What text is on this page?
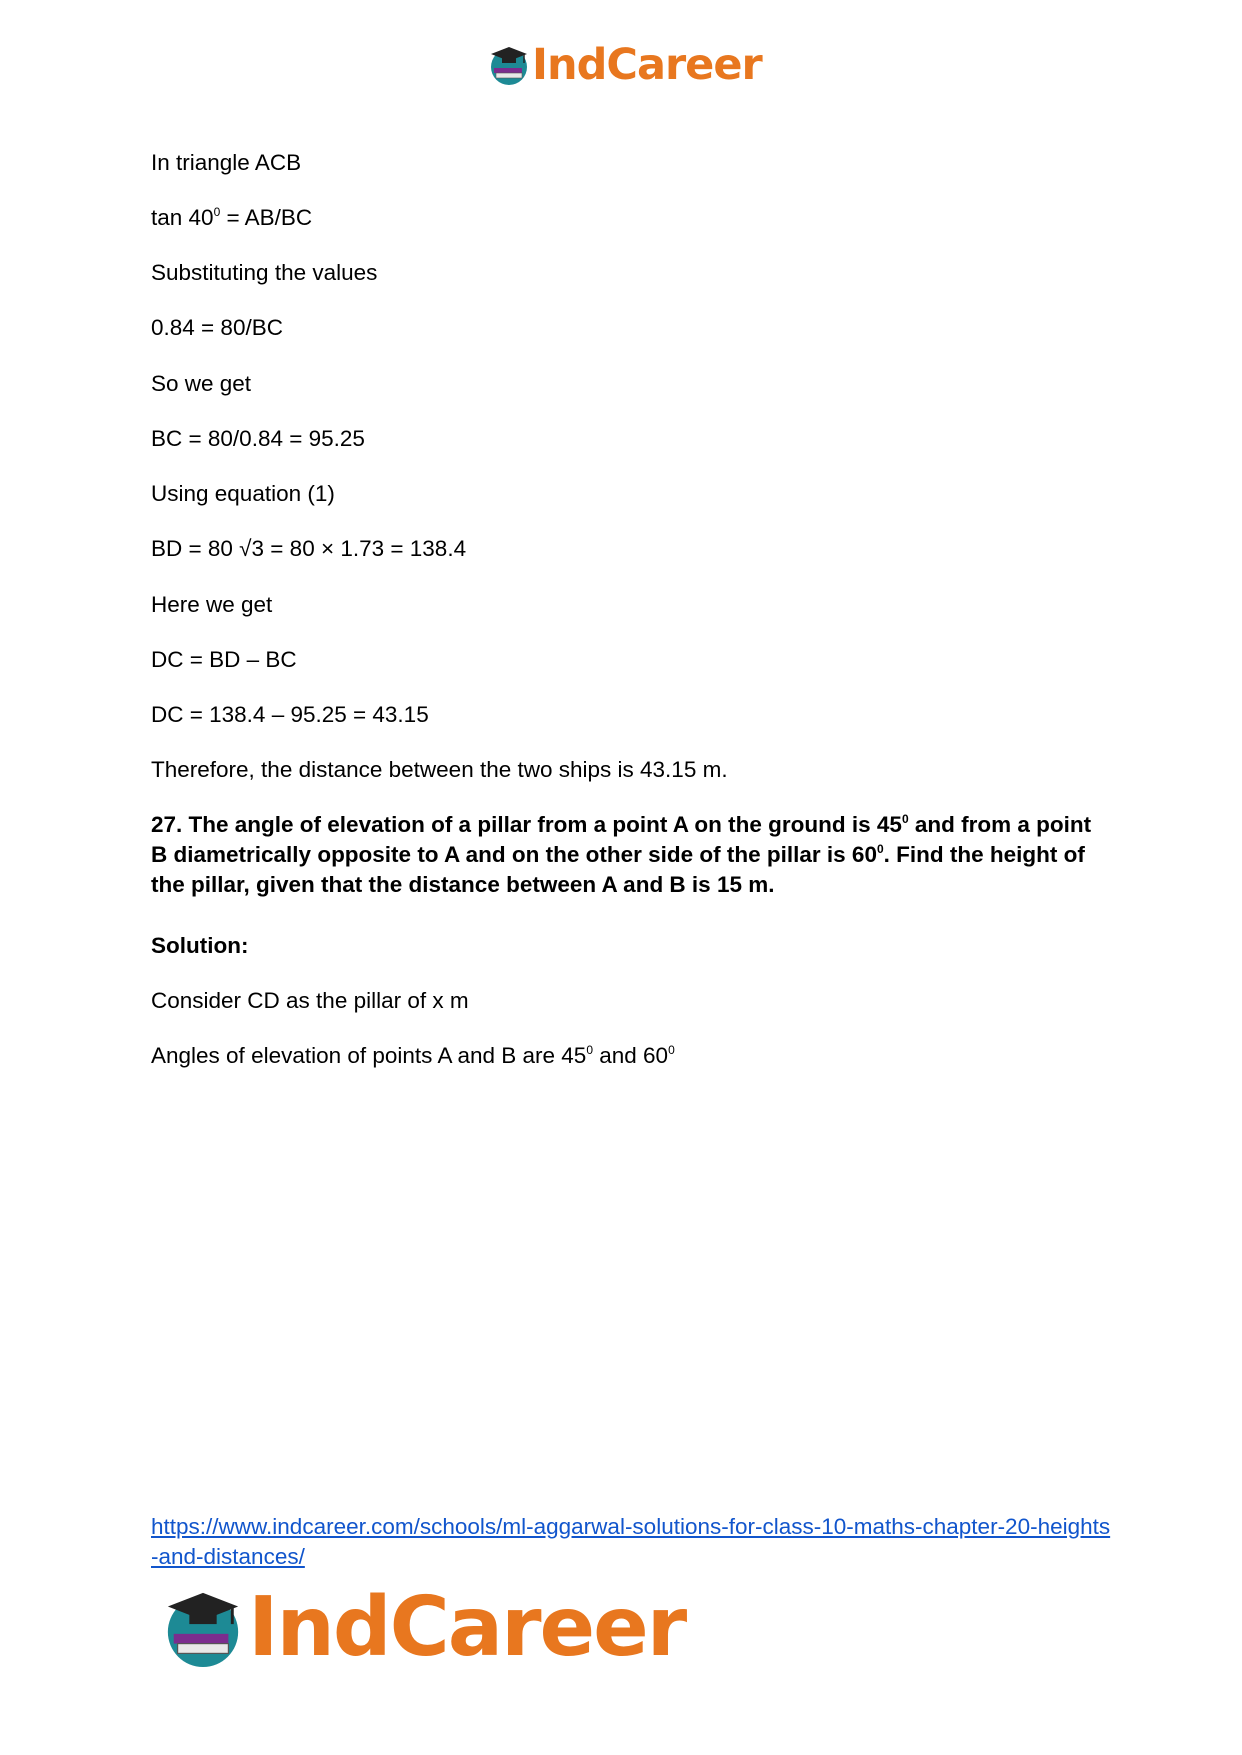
IndCareer
In triangle ACB
$\tan 40^0 = AB/BC$
Substituting the values
0.84 = 80/BC
So we get
BC = 80/0.84 = 95.25
Using equation (1)
BD = 80 √3 = 80 × 1.73 = 138.4
Here we get
DC = BD – BC
DC = 138.4 – 95.25 = 43.15
Therefore, the distance between the two ships is 43.15 m.
27. The angle of elevation of a pillar from a point A on the ground is $45^0$ and from a point B diametrically opposite to A and on the other side of the pillar is $60^0$. Find the height of the pillar, given that the distance between A and B is 15 m.
Solution:
Consider CD as the pillar of x m
Angles of elevation of points A and B are $45^0$ and $60^0$
https://www.indcareer.com/schools/ml-aggarwal-solutions-for-class-10-maths-chapter-20-heights-and-distances/
IndCareer
